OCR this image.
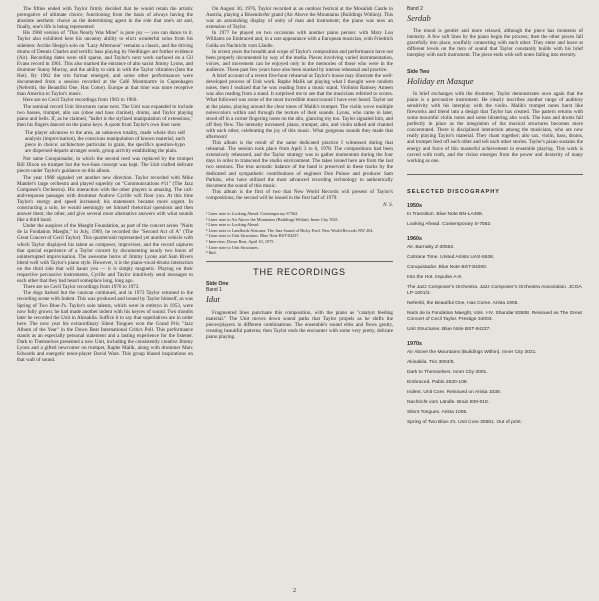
The fifties ended with Taylor firmly decided that he would retain the artistic prerogative of ultimate choice, functioning from the basis of always having the absolute aesthetic choice as the determining agent in the role that one's art and, finally, one's life is being represented.

His 1960 version of "This Nearly Was Mine" is pure joy — you can dance to it. Taylor also exhibited here his uncanny ability to elicit wonderful solos from his sidemen: Archie Shepp's solo on "Lazy Afternoon" remains a classic, and the driving drums of Dennis Charles and terrific bass playing by Neidlinger are further evidence (Air). Recording dates were still sparse, and Taylor's next work surfaced on a Gil Evans record in 1961. This also marked the entrance of alto saxist Jimmy Lyons, and drummer Sunny Murray, and the ability to sink in with the Taylor vibration (Into the Hot). By 1962 the trio format emerged, and some other performances were documented from a session recorded at the Café Montmartre in Copenhagen (Nefertiti, the Beautiful One, Has Come). Europe at that time was more receptive than America to Taylor's music.

Here are no Cecil Taylor recordings from 1963 to 1966.

The seminal record Unit Structures came next. The Unit was expanded to include two basses, trumpet, alto sax (oboe and bass clarinet), drums, and Taylor playing piano and bells. If, as he claimed, "ballet is the stylized manipulation of extensions," then his fingers danced on the piano keys. A quote from Taylor's own liner note:

The player advances to the area, an unknown totality, made whole thru self analysis (improvisation), the conscious manipulation of known material; each piece in choice; architecture particular in grain, the specifics question-hypo are dispersed-departs arranger sends, group activity establishing the plain.

Not same Conquistador, in which the second reed was replaced by the trumpet Bill Dixon on trumpet but the two-bass concept was kept. The Unit crafted delicate pieces under Taylor's guidance on this album.

The year 1968 signaled yet another new direction. Taylor recorded with Mike Mantler's large orchestra and played superbly on "Communications #11" (The Jazz Composer's Orchestra). His interaction with the other players is amazing. The call-and-response passages with drummer Andrew Cyrille will floor you. At this time Taylor's energy and speed increased; his statements became more urgent. In constructing a solo, he would seemingly set himself rhetorical questions and then answer them; the other, and give several more alternative answers with what sounds like a third hand.

Under the auspices of the Maeght Foundation, as part of the concert series "Nuits de la Fondation Maeght," in July, 1969, he recorded the "Second Act of A" (The Great Concert of Cecil Taylor). This quartet/unit represented yet another vehicle with which Taylor displayed his talent as composer, improviser, and the record captures that special experience of a Taylor concert by documenting nearly two hours of uninterrupted improvisation. The awesome horns of Jimmy Lyons and Sam Rivers blend well with Taylor's piano style. However, it is the piano-vocal-drums interaction on the third side that will haunt you — it is simply magnetic. Playing on their respective percussive instruments, Cyrille and Taylor intuitively send messages to each other that they had heard someplace long, long ago.

There are no Cecil Taylor recordings from 1970 to 1973.

The dogs barked but the caravan continued, and in 1973 Taylor returned to the recording scene with Indent. This was produced and issued by Taylor himself, as was Spring of Two Blue-J's. Taylor's solo talents, which were in embryo in 1953, were now fully grown; he had made another indent with his keyres of sound. Two months later he recorded the Unit in Akisakila. Suffice it to say that superlatives are in order here. The next year his extraordinary Silent Tongues won the Grand Prix "Jazz Album of the Year" in the Down Beat International Critics Poll. This performance stands as an especially personal statement and a lasting experience for the listener. Dark to Themselves presented a new Unit, including the consistently creative Jimmy Lyons and a gifted newcomer on trumpet, Raphe Malik, along with drummer Marc Edwards and energetic tenor-player David Ware. This group blazed inspirations on that wall of sound.

On August 30, 1976, Taylor recorded at an outdoor festival at the Mosalish Castle in Austria, playing a Bösendorfer grand (Air Above the Mountains (Buildings Within)). This was an astonishing display of unity of man and instrument; the piano was now an extension of Taylor.

In 1977 he played on two occasions with another piano person: with Mary Lou Williams on Embraced and, in a rare appearance with a European musician, with Friedrich Gulda on Nachricht vom Ländle.

In recent years the breadth and scope of Taylor's composition and performance have not been properly documented by way of the media. Pieces involving varied instrumentation, voices, and movement can be enjoyed only in the memories of those who were in the audience. These past few years have also been marked by intense rehearsal and practice.

A brief account of a recent five-hour rehearsal at Taylor's house may illustrate the well-developed process of Unit work. Raphe Malik sat playing what I thought were random notes, then I realized that he was reading from a music stand. Violinist Ramsey Ameen was also reading from a stand. It surprised me to see that the musicians referred to scores. What followed was some of the most incredible music/sound I have ever heard. Taylor sat at the piano, playing around the clear tones of Malik's trumpet. The violin wove multiple notes/colors within and through the texture of their sounds. Lyons, who came in later, stood off in a corner fingering notes on the alto, glancing my too. Taylor signaled him, and off they flew. The intensity increased: piano, trumpet, alto, and violin talked and chanted with each other, celebrating the joy of this music. What gorgeous sounds they made that afternoon!

This album is the result of the same dedicated practice I witnessed during that rehearsal. The session took place from April 3 to 6, 1978. The compositions had been extensively rehearsed, and the Taylor strategy was to gather momentum during the four days in order to transcend the studio environment. The takes issued here are from the last two sessions. The true acoustic balance of the band is preserved in these tracks by the dedicated and sympathetic contributions of engineer Don Puluse and producer Sam Parkins, who have utilized the most advanced recording technology to authentically document the sound of this music.

This album is the first of two that New World Records will present of Taylor's compositions; the second will be issued in the first half of 1979.

N. S.
¹ Liner note to Looking Ahead. Contemporary S7562.
² Liner note to Air Above the Mountains (Buildings Within). Inner City 3021.
³ Liner note to Looking Ahead.
⁴ Liner note to Landlords Africana: The Jazz Sound of Ricky Ford. New World Records NW 204.
⁵ Liner note to Unit Structures. Blue Note BST-84237.
⁶ Interview, Down Beat, April 10, 1975.
⁷ Liner note to Unit Structures.
⁸ Ibid.
THE RECORDINGS
Side One
Band 1
Idut

Fragmented lines punctuate this composition, with the piano as "catalyst feeding material." The Unit moves down sound paths that Taylor propels as he shifts the pieces/players in different combinations. The ensemble's sound ebbs and flows gently, creating beautiful patterns; then Taylor ends the encounter with some very pretty, delicate piano playing.

Band 2
Serdab

The mood is gentler and more relaxed, although the piece has moments of intensity. A few soft lines by the piano begin the process; then the other pieces fall gracefully into place, soulfully connecting with each other. They enter and leave at different levels on the tiers of sound that Taylor constantly builds with his brief interplay with each instrument. The piece ends with soft notes falling into eternity.

Side Two
Holiday en Masque

In brief exchanges with the drummer, Taylor demonstrates once again that the piano is a percussive instrument. He clearly inscribes another range of auditory sensitivity with his interplay with the violin. Malik's trumpet notes burst like fireworks and blend into a design that Taylor has created. The pattern returns with some mournful violin notes and some blistering alto work. The bass and drums fall perfectly in place as the integration of the musical structures becomes more concentrated. There is disciplined interaction among the musicians, who are now really playing Taylor's material. They chant together; alto sax, violin, bass, drums, and trumpet feed off each other and tell each other stories. Taylor's piano sustains the energy and force of this masterful achievement in ensemble playing. This work is carved with truth, and the vision emerges from the power and dexterity of many working as one.

SELECTED DISCOGRAPHY
1950s
In Transition. Blue Note BN-LA458.
Looking Ahead. Contemporary S-7562.
1960s
Air. Barnaby Z-30562.
Coltrane Time. United Artists UAS-5638.
Conquistador. Blue Note BST-84260.
Into the Hot. Impulse A-9.
The Jazz Composer's Orchestra. Jazz Composer's Orchestra Association. JCOA LP-1001/2.
Nefertiti, the Beautiful One, Has Come. Arista 1905.
Nuits de la Fondation Maeght, Vols. I-IV. Shandar 83508. Reissued as The Great Concert of Cecil Taylor. Prestige 34003.
Unit Structures. Blue Note BST-84237.
1970s
Air Above the Mountains (Buildings Within). Inner City 3021.
Akisakila. Trio 3004/5.
Dark to Themselves. Inner City 3001.
Embraced. Pablo 2620-108.
Indent. Unit Core. Reissued on Arista 1038.
Nachricht vom Ländle. Brain 500-018.
Silent Tongues. Arista 1005.
Spring of Two Blue-J's. Unit Core 30551. Out of print.
2
